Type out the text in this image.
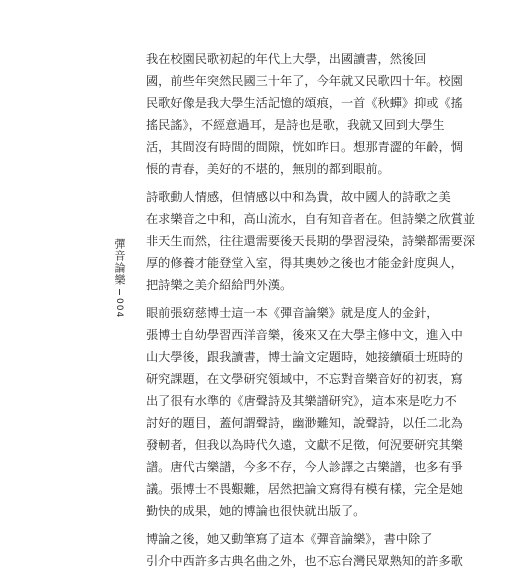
彈音論樂
004

我在校園民歌初起的年代上大學，出國讀書，然後回
國，前些年突然民國三十年了，今年就又民歌四十年。校園
民歌好像是我大學生活記憶的頌痕，一首《秋蟬》抑或《搖
搖民謠》，不經意過耳，是詩也是歌，我就又回到大學生
活，其間沒有時間的間隙，恍如昨日。想那青澀的年齡，惆
悵的青春，美好的不堪的，無別的都到眼前。

詩歌動人情感，但情感以中和為貴，故中國人的詩歌之美
在求樂音之中和，高山流水，自有知音者在。但詩樂之欣賞並
非天生而然，往往還需要後天長期的學習浸染，詩樂都需要深
厚的修養才能登堂入室，得其奧妙之後也才能金針度與人，
把詩樂之美介紹給門外漢。

眼前張窈慈博士這一本《彈音論樂》就是度人的金針，
張博士自幼學習西洋音樂，後來又在大學主修中文，進入中
山大學後，跟我讀書，博士論文定題時，她接續碩士班時的
研究課題，在文學研究領域中，不忘對音樂音好的初衷，寫
出了很有水準的《唐聲詩及其樂譜研究》，這本來是吃力不
討好的題目，蓋何謂聲詩，幽渺難知，說聲詩，以任二北為
發軔者，但我以為時代久遠，文獻不足徵，何況要研究其樂
譜。唐代古樂譜，今多不存，今人診譯之古樂譜，也多有爭
議。張博士不畏艱難，居然把論文寫得有模有樣，完全是她
勤快的成果，她的博論也很快就出版了。

博論之後，她又動筆寫了這本《彈音論樂》，書中除了
引介中西許多古典名曲之外，也不忘台灣民眾熟知的許多歌
